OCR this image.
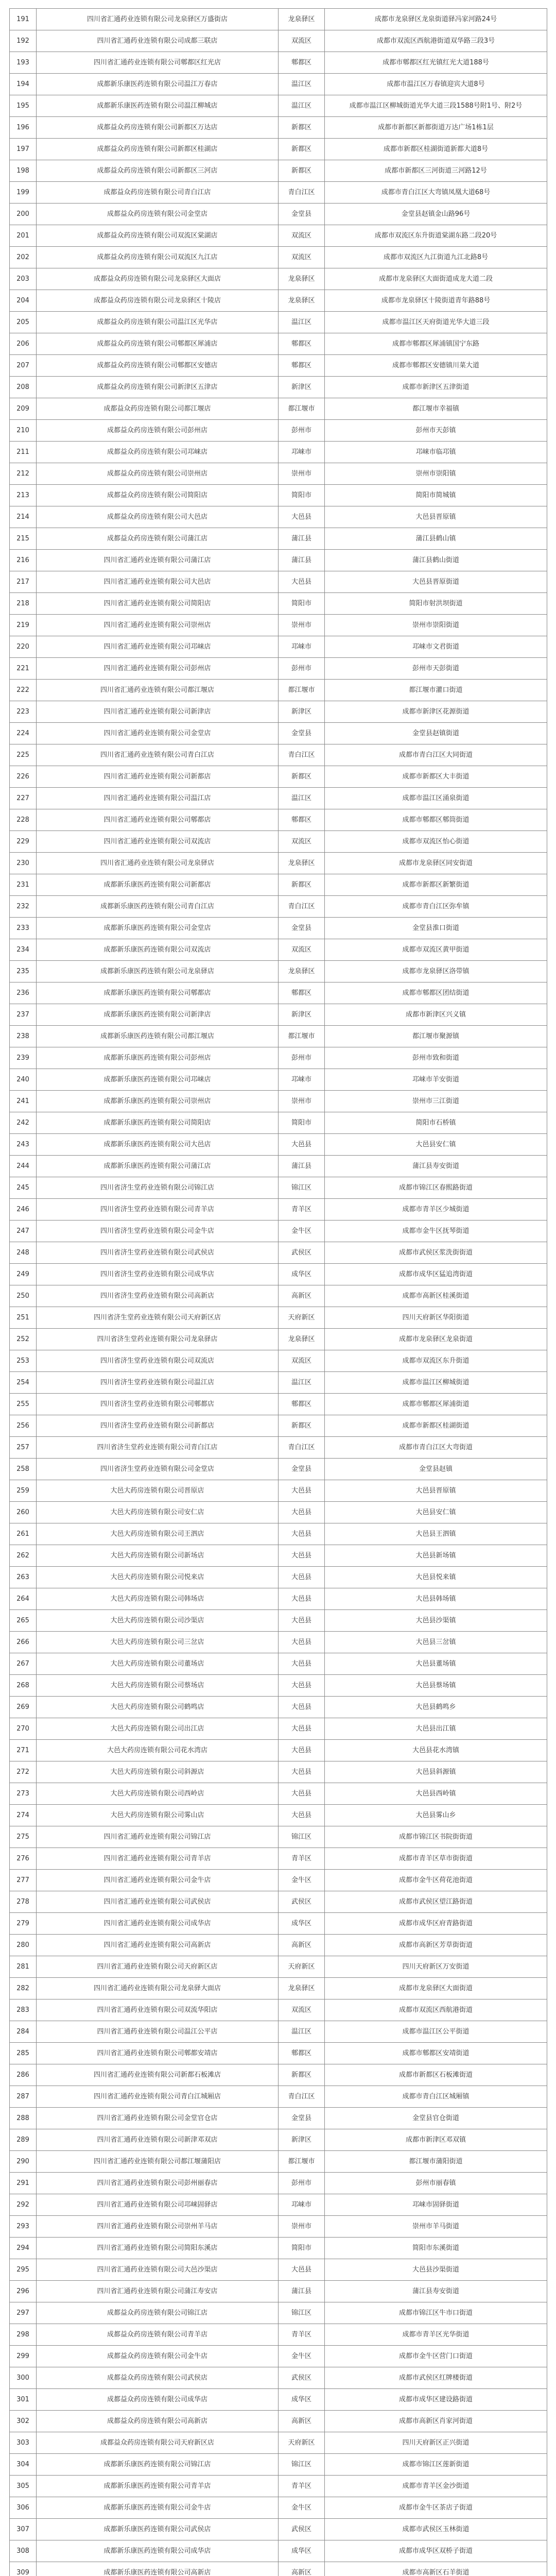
191	四川省汇通药业连锁有限公司龙泉驿区万盛街店	龙泉驿区	成都市龙泉驿区龙泉街道驿冯家河路24号
192	四川省汇通药业连锁有限公司成都三联店	双流区	成都市双流区西航港街道双华路三段3号
193	四川省汇通药业连锁有限公司郫都区红光店	郫都区	成都市郫都区红光镇红光大道188号
194	成都新乐康医药连锁有限公司温江万春店	温江区	成都市温江区万春镇迎宾大道8号
195	成都新乐康医药连锁有限公司温江柳城店	温江区	成都市温江区柳城街道光华大道三段1588号附1号、附2号
196	成都益众药房连锁有限公司新都区万达店	新都区	成都市新都区新都街道万达广场1栋1层
197	成都益众药房连锁有限公司新都区桂湖店	新都区	成都市新都区桂湖街道新都大道8号
198	成都益众药房连锁有限公司新都区三河店	新都区	成都市新都区三河街道三河路12号
199	成都益众药房连锁有限公司青白江店	青白江区	成都市青白江区大弯镇凤凰大道68号
200	成都益众药房连锁有限公司金堂店	金堂县	金堂县赵镇金山路96号
201	成都益众药房连锁有限公司双流区棠湖店	双流区	成都市双流区东升街道棠湖东路二段20号
202	成都益众药房连锁有限公司双流区九江店	双流区	成都市双流区九江街道九江北路8号
203	成都益众药房连锁有限公司龙泉驿区大面店	龙泉驿区	成都市龙泉驿区大面街道成龙大道二段
204	成都益众药房连锁有限公司龙泉驿区十陵店	龙泉驿区	成都市龙泉驿区十陵街道青年路88号
205	成都益众药房连锁有限公司温江区光华店	温江区	成都市温江区天府街道光华大道三段
206	成都益众药房连锁有限公司郫都区犀浦店	郫都区	成都市郫都区犀浦镇国宁东路
207	成都益众药房连锁有限公司郫都区安德店	郫都区	成都市郫都区安德镇川菜大道
208	成都益众药房连锁有限公司新津区五津店	新津区	成都市新津区五津街道
209	成都益众药房连锁有限公司都江堰店	都江堰市	都江堰市幸福镇
210	成都益众药房连锁有限公司彭州店	彭州市	彭州市天彭镇
211	成都益众药房连锁有限公司邛崃店	邛崃市	邛崃市临邛镇
212	成都益众药房连锁有限公司崇州店	崇州市	崇州市崇阳镇
213	成都益众药房连锁有限公司简阳店	简阳市	简阳市简城镇
214	成都益众药房连锁有限公司大邑店	大邑县	大邑县晋原镇
215	成都益众药房连锁有限公司蒲江店	蒲江县	蒲江县鹤山镇
216	四川省汇通药业连锁有限公司蒲江店	蒲江县	蒲江县鹤山街道
217	四川省汇通药业连锁有限公司大邑店	大邑县	大邑县晋原街道
218	四川省汇通药业连锁有限公司简阳店	简阳市	简阳市射洪坝街道
219	四川省汇通药业连锁有限公司崇州店	崇州市	崇州市崇阳街道
220	四川省汇通药业连锁有限公司邛崃店	邛崃市	邛崃市文君街道
221	四川省汇通药业连锁有限公司彭州店	彭州市	彭州市天彭街道
222	四川省汇通药业连锁有限公司都江堰店	都江堰市	都江堰市灌口街道
223	四川省汇通药业连锁有限公司新津店	新津区	成都市新津区花源街道
224	四川省汇通药业连锁有限公司金堂店	金堂县	金堂县赵镇街道
225	四川省汇通药业连锁有限公司青白江店	青白江区	成都市青白江区大同街道
226	四川省汇通药业连锁有限公司新都店	新都区	成都市新都区大丰街道
227	四川省汇通药业连锁有限公司温江店	温江区	成都市温江区涌泉街道
228	四川省汇通药业连锁有限公司郫都店	郫都区	成都市郫都区郫筒街道
229	四川省汇通药业连锁有限公司双流店	双流区	成都市双流区怡心街道
230	四川省汇通药业连锁有限公司龙泉驿店	龙泉驿区	成都市龙泉驿区同安街道
231	成都新乐康医药连锁有限公司新都店	新都区	成都市新都区新繁街道
232	成都新乐康医药连锁有限公司青白江店	青白江区	成都市青白江区弥牟镇
233	成都新乐康医药连锁有限公司金堂店	金堂县	金堂县淮口街道
234	成都新乐康医药连锁有限公司双流店	双流区	成都市双流区黄甲街道
235	成都新乐康医药连锁有限公司龙泉驿店	龙泉驿区	成都市龙泉驿区洛带镇
236	成都新乐康医药连锁有限公司郫都店	郫都区	成都市郫都区团结街道
237	成都新乐康医药连锁有限公司新津店	新津区	成都市新津区兴义镇
238	成都新乐康医药连锁有限公司都江堰店	都江堰市	都江堰市聚源镇
239	成都新乐康医药连锁有限公司彭州店	彭州市	彭州市致和街道
240	成都新乐康医药连锁有限公司邛崃店	邛崃市	邛崃市羊安街道
241	成都新乐康医药连锁有限公司崇州店	崇州市	崇州市三江街道
242	成都新乐康医药连锁有限公司简阳店	简阳市	简阳市石桥镇
243	成都新乐康医药连锁有限公司大邑店	大邑县	大邑县安仁镇
244	成都新乐康医药连锁有限公司蒲江店	蒲江县	蒲江县寿安街道
245	四川省济生堂药业连锁有限公司锦江店	锦江区	成都市锦江区春熙路街道
246	四川省济生堂药业连锁有限公司青羊店	青羊区	成都市青羊区少城街道
247	四川省济生堂药业连锁有限公司金牛店	金牛区	成都市金牛区抚琴街道
248	四川省济生堂药业连锁有限公司武侯店	武侯区	成都市武侯区浆洗街街道
249	四川省济生堂药业连锁有限公司成华店	成华区	成都市成华区猛追湾街道
250	四川省济生堂药业连锁有限公司高新店	高新区	成都市高新区桂溪街道
251	四川省济生堂药业连锁有限公司天府新区店	天府新区	四川天府新区华阳街道
252	四川省济生堂药业连锁有限公司龙泉驿店	龙泉驿区	成都市龙泉驿区龙泉街道
253	四川省济生堂药业连锁有限公司双流店	双流区	成都市双流区东升街道
254	四川省济生堂药业连锁有限公司温江店	温江区	成都市温江区柳城街道
255	四川省济生堂药业连锁有限公司郫都店	郫都区	成都市郫都区犀浦街道
256	四川省济生堂药业连锁有限公司新都店	新都区	成都市新都区桂湖街道
257	四川省济生堂药业连锁有限公司青白江店	青白江区	成都市青白江区大弯街道
258	四川省济生堂药业连锁有限公司金堂店	金堂县	金堂县赵镇
259	大邑大药房连锁有限公司晋原店	大邑县	大邑县晋原镇
260	大邑大药房连锁有限公司安仁店	大邑县	大邑县安仁镇
261	大邑大药房连锁有限公司王泗店	大邑县	大邑县王泗镇
262	大邑大药房连锁有限公司新场店	大邑县	大邑县新场镇
263	大邑大药房连锁有限公司悦来店	大邑县	大邑县悦来镇
264	大邑大药房连锁有限公司韩场店	大邑县	大邑县韩场镇
265	大邑大药房连锁有限公司沙渠店	大邑县	大邑县沙渠镇
266	大邑大药房连锁有限公司三岔店	大邑县	大邑县三岔镇
267	大邑大药房连锁有限公司董场店	大邑县	大邑县董场镇
268	大邑大药房连锁有限公司蔡场店	大邑县	大邑县蔡场镇
269	大邑大药房连锁有限公司鹤鸣店	大邑县	大邑县鹤鸣乡
270	大邑大药房连锁有限公司出江店	大邑县	大邑县出江镇
271	大邑大药房连锁有限公司花水湾店	大邑县	大邑县花水湾镇
272	大邑大药房连锁有限公司斜源店	大邑县	大邑县斜源镇
273	大邑大药房连锁有限公司西岭店	大邑县	大邑县西岭镇
274	大邑大药房连锁有限公司雾山店	大邑县	大邑县雾山乡
275	四川省汇通药业连锁有限公司锦江店	锦江区	成都市锦江区书院街街道
276	四川省汇通药业连锁有限公司青羊店	青羊区	成都市青羊区草市街街道
277	四川省汇通药业连锁有限公司金牛店	金牛区	成都市金牛区荷花池街道
278	四川省汇通药业连锁有限公司武侯店	武侯区	成都市武侯区望江路街道
279	四川省汇通药业连锁有限公司成华店	成华区	成都市成华区府青路街道
280	四川省汇通药业连锁有限公司高新店	高新区	成都市高新区芳草街街道
281	四川省汇通药业连锁有限公司天府新区店	天府新区	四川天府新区万安街道
282	四川省汇通药业连锁有限公司龙泉驿大面店	龙泉驿区	成都市龙泉驿区大面街道
283	四川省汇通药业连锁有限公司双流华阳店	双流区	成都市双流区西航港街道
284	四川省汇通药业连锁有限公司温江公平店	温江区	成都市温江区公平街道
285	四川省汇通药业连锁有限公司郫都安靖店	郫都区	成都市郫都区安靖街道
286	四川省汇通药业连锁有限公司新都石板滩店	新都区	成都市新都区石板滩街道
287	四川省汇通药业连锁有限公司青白江城厢店	青白江区	成都市青白江区城厢镇
288	四川省汇通药业连锁有限公司金堂官仓店	金堂县	金堂县官仓街道
289	四川省汇通药业连锁有限公司新津邓双店	新津区	成都市新津区邓双镇
290	四川省汇通药业连锁有限公司都江堰蒲阳店	都江堰市	都江堰市蒲阳街道
291	四川省汇通药业连锁有限公司彭州丽春店	彭州市	彭州市丽春镇
292	四川省汇通药业连锁有限公司邛崃固驿店	邛崃市	邛崃市固驿街道
293	四川省汇通药业连锁有限公司崇州羊马店	崇州市	崇州市羊马街道
294	四川省汇通药业连锁有限公司简阳东溪店	简阳市	简阳市东溪街道
295	四川省汇通药业连锁有限公司大邑沙渠店	大邑县	大邑县沙渠街道
296	四川省汇通药业连锁有限公司蒲江寿安店	蒲江县	蒲江县寿安街道
297	成都益众药房连锁有限公司锦江店	锦江区	成都市锦江区牛市口街道
298	成都益众药房连锁有限公司青羊店	青羊区	成都市青羊区光华街道
299	成都益众药房连锁有限公司金牛店	金牛区	成都市金牛区营门口街道
300	成都益众药房连锁有限公司武侯店	武侯区	成都市武侯区红牌楼街道
301	成都益众药房连锁有限公司成华店	成华区	成都市成华区建设路街道
302	成都益众药房连锁有限公司高新店	高新区	成都市高新区肖家河街道
303	成都益众药房连锁有限公司天府新区店	天府新区	四川天府新区正兴街道
304	成都新乐康医药连锁有限公司锦江店	锦江区	成都市锦江区莲新街道
305	成都新乐康医药连锁有限公司青羊店	青羊区	成都市青羊区金沙街道
306	成都新乐康医药连锁有限公司金牛店	金牛区	成都市金牛区茶店子街道
307	成都新乐康医药连锁有限公司武侯店	武侯区	成都市武侯区玉林街道
308	成都新乐康医药连锁有限公司成华店	成华区	成都市成华区双桥子街道
309	成都新乐康医药连锁有限公司高新店	高新区	成都市高新区石羊街道
